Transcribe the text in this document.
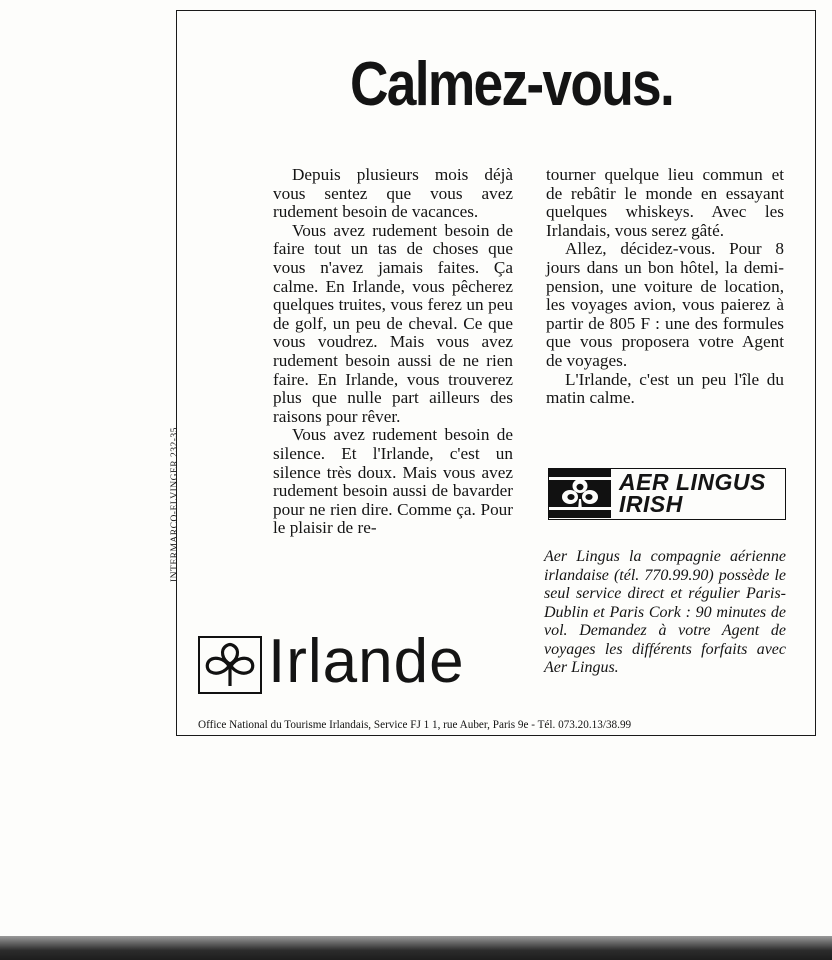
Calmez-vous.

Depuis plusieurs mois déjà vous sentez que vous avez rudement besoin de vacances.

Vous avez rudement besoin de faire tout un tas de choses que vous n'avez jamais faites. Ça calme. En Irlande, vous pêcherez quelques truites, vous ferez un peu de golf, un peu de cheval. Ce que vous voudrez. Mais vous avez rudement besoin aussi de ne rien faire. En Irlande, vous trouverez plus que nulle part ailleurs des raisons pour rêver.

Vous avez rudement besoin de silence. Et l'Irlande, c'est un silence très doux. Mais vous avez rudement besoin aussi de bavarder pour ne rien dire. Comme ça. Pour le plaisir de re-

tourner quelque lieu commun et de rebâtir le monde en essayant quelques whiskeys. Avec les Irlandais, vous serez gâté.

Allez, décidez-vous. Pour 8 jours dans un bon hôtel, la demi-pension, une voiture de location, les voyages avion, vous paierez à partir de 805 F : une des formules que vous proposera votre Agent de voyages.

L'Irlande, c'est un peu l'île du matin calme.

AER LINGUS
IRISH
Aer Lingus la compagnie aérienne irlandaise (tél. 770.99.90) possède le seul service direct et régulier Paris-Dublin et Paris Cork : 90 minutes de vol. Demandez à votre Agent de voyages les différents forfaits avec Aer Lingus.
Irlande
Office National du Tourisme Irlandais, Service FJ 1 1, rue Auber, Paris 9e - Tél. 073.20.13/38.99
INTERMARCO-ELVINGER 232-35
